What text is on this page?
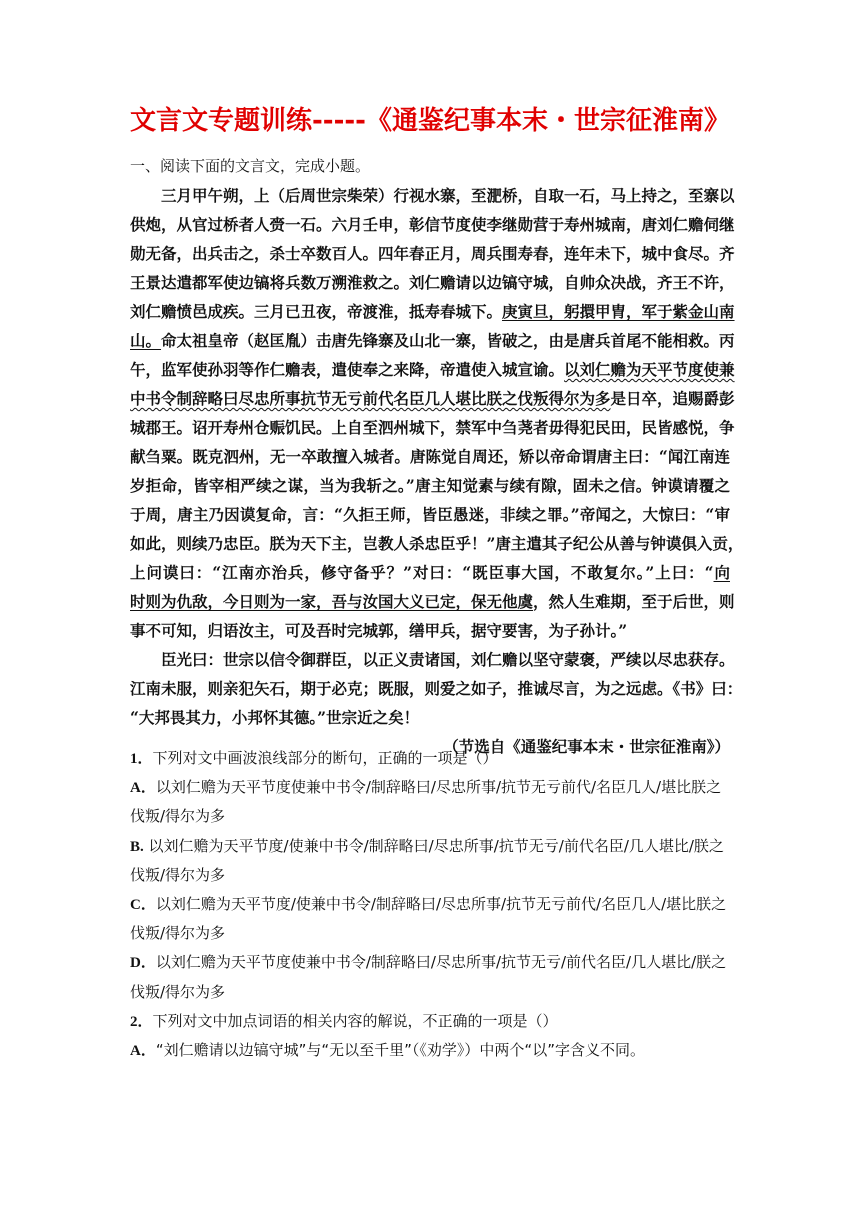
文言文专题训练-----《通鉴纪事本末・世宗征淮南》
一、阅读下面的文言文，完成小题。
三月甲午朔，上（后周世宗柴荣）行视水寨，至淝桥，自取一石，马上持之，至寨以
供炮，从官过桥者人赍一石。六月壬申，彰信节度使李继勋营于寿州城南，唐刘仁赡伺继
勋无备，出兵击之，杀士卒数百人。四年春正月，周兵围寿春，连年未下，城中食尽。齐
王景达遣都军使边镐将兵数万溯淮救之。刘仁赡请以边镐守城，自帅众决战，齐王不许，
刘仁赡愤邑成疾。三月已丑夜，帝渡淮，抵寿春城下。庚寅旦，躬擐甲胄，军于紫金山南
山。命太祖皇帝（赵匡胤）击唐先锋寨及山北一寨，皆破之，由是唐兵首尾不能相救。丙
午，监军使孙羽等作仁赡表，遣使奉之来降，帝遣使入城宣谕。以刘仁赡为天平节度使兼
中书令制辞略曰尽忠所事抗节无亏前代名臣几人堪比朕之伐叛得尔为多是日卒，追赐爵彭
城郡王。诏开寿州仓赈饥民。上自至泗州城下，禁军中刍荛者毋得犯民田，民皆感悦，争
献刍粟。既克泗州，无一卒敢擅入城者。唐陈觉自周还，矫以帝命谓唐主曰：“闻江南连
岁拒命，皆宰相严续之谋，当为我斩之。”唐主知觉素与续有隙，固未之信。钟谟请覆之
于周，唐主乃因谟复命，言：“久拒王师，皆臣愚迷，非续之罪。”帝闻之，大惊曰：“审
如此，则续乃忠臣。朕为天下主，岂教人杀忠臣乎！”唐主遣其子纪公从善与钟谟俱入贡，
上问谟曰：“江南亦治兵，修守备乎？”对曰：“既臣事大国，不敢复尔。”上曰：“向
时则为仇敌，今日则为一家，吾与汝国大义已定，保无他虞，然人生难期，至于后世，则
事不可知，归语汝主，可及吾时完城郭，缮甲兵，据守要害，为子孙计。”
臣光曰：世宗以信令御群臣，以正义责诸国，刘仁赡以坚守蒙褒，严续以尽忠获存。
江南未服，则亲犯矢石，期于必克；既服，则爱之如子，推诚尽言，为之远虑。《书》曰：
“大邦畏其力，小邦怀其德。”世宗近之矣！
（节选自《通鉴纪事本末・世宗征淮南》）
1．下列对文中画波浪线部分的断句，正确的一项是（）
A．以刘仁赡为天平节度使兼中书令/制辞略曰/尽忠所事/抗节无亏前代/名臣几人/堪比朕之
伐叛/得尔为多
B. 以刘仁赡为天平节度/使兼中书令/制辞略曰/尽忠所事/抗节无亏/前代名臣/几人堪比/朕之
伐叛/得尔为多
C．以刘仁赡为天平节度/使兼中书令/制辞略曰/尽忠所事/抗节无亏前代/名臣几人/堪比朕之
伐叛/得尔为多
D．以刘仁赡为天平节度使兼中书令/制辞略曰/尽忠所事/抗节无亏/前代名臣/几人堪比/朕之
伐叛/得尔为多
2．下列对文中加点词语的相关内容的解说，不正确的一项是（）
A．“刘仁赡请以边镐守城”与“无以至千里”（《劝学》）中两个“以”字含义不同。
